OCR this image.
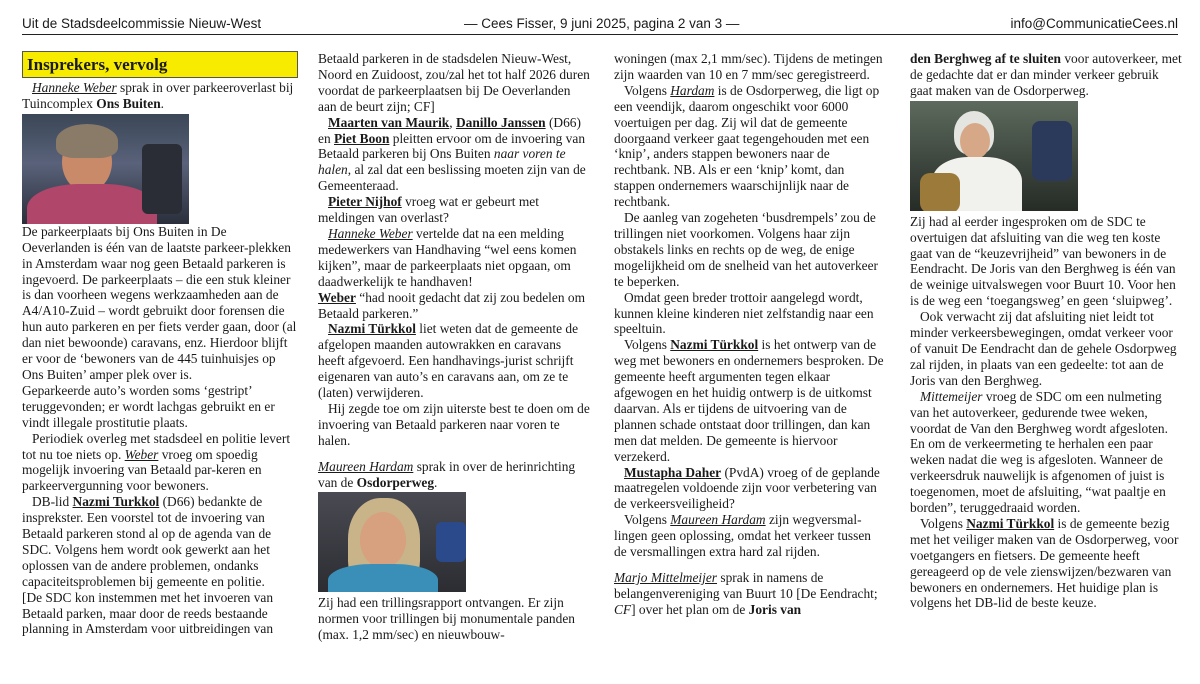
Uit de Stadsdeelcommissie Nieuw-West	— Cees Fisser, 9 juni 2025, pagina 2 van 3 —	info@CommunicatieCees.nl
Insprekers, vervolg

Hanneke Weber sprak in over parkeeroverlast bij Tuincomplex Ons Buiten.

De parkeerplaats bij Ons Buiten in De Oeverlanden is één van de laatste parkeer-plekken in Amsterdam waar nog geen Betaald parkeren is ingevoerd. De parkeerplaats – die een stuk kleiner is dan voorheen wegens werkzaamheden aan de A4/A10-Zuid – wordt gebruikt door forensen die hun auto parkeren en per fiets verder gaan, door (al dan niet bewoonde) caravans, enz. Hierdoor blijft er voor de ‘bewoners van de 445 tuinhuisjes op Ons Buiten’ amper plek over is.

Geparkeerde auto’s worden soms ‘gestript’ teruggevonden; er wordt lachgas gebruikt en er vindt illegale prostitutie plaats.

Periodiek overleg met stadsdeel en politie levert tot nu toe niets op. Weber vroeg om spoedig mogelijk invoering van Betaald par-keren en parkeervergunning voor bewoners.

DB-lid Nazmi Turkkol (D66) bedankte de insprekster. Een voorstel tot de invoering van Betaald parkeren stond al op de agenda van de SDC. Volgens hem wordt ook gewerkt aan het oplossen van de andere problemen, ondanks capaciteitsproblemen bij gemeente en politie.

[De SDC kon instemmen met het invoeren van Betaald parken, maar door de reeds bestaande planning in Amsterdam voor uitbreidingen van

Betaald parkeren in de stadsdelen Nieuw-West, Noord en Zuidoost, zou/zal het tot half 2026 duren voordat de parkeerplaatsen bij De Oeverlanden aan de beurt zijn; CF]

Maarten van Maurik, Danillo Janssen (D66) en Piet Boon pleitten ervoor om de invoering van Betaald parkeren bij Ons Buiten naar voren te halen, al zal dat een beslissing moeten zijn van de Gemeenteraad.

Pieter Nijhof vroeg wat er gebeurt met meldingen van overlast?

Hanneke Weber vertelde dat na een melding medewerkers van Handhaving “wel eens komen kijken”, maar de parkeerplaats niet opgaan, om daadwerkelijk te handhaven!

Weber “had nooit gedacht dat zij zou bedelen om Betaald parkeren.”

Nazmi Türkkol liet weten dat de gemeente de afgelopen maanden autowrakken en caravans heeft afgevoerd. Een handhavings-jurist schrijft eigenaren van auto’s en caravans aan, om ze te (laten) verwijderen.

Hij zegde toe om zijn uiterste best te doen om de invoering van Betaald parkeren naar voren te halen.

Maureen Hardam sprak in over de herinrichting van de Osdorperweg.

Zij had een trillingsrapport ontvangen. Er zijn normen voor trillingen bij monumentale panden (max. 1,2 mm/sec) en nieuwbouw-

woningen (max 2,1 mm/sec). Tijdens de metingen zijn waarden van 10 en 7 mm/sec geregistreerd.

Volgens Hardam is de Osdorperweg, die ligt op een veendijk, daarom ongeschikt voor 6000 voertuigen per dag. Zij wil dat de gemeente doorgaand verkeer gaat tegengehouden met een ‘knip’, anders stappen bewoners naar de rechtbank. NB. Als er een ‘knip’ komt, dan stappen ondernemers waarschijnlijk naar de rechtbank.

De aanleg van zogeheten ‘busdrempels’ zou de trillingen niet voorkomen. Volgens haar zijn obstakels links en rechts op de weg, de enige mogelijkheid om de snelheid van het autoverkeer te beperken.

Omdat geen breder trottoir aangelegd wordt, kunnen kleine kinderen niet zelfstandig naar een speeltuin.

Volgens Nazmi Türkkol is het ontwerp van de weg met bewoners en ondernemers besproken. De gemeente heeft argumenten tegen elkaar afgewogen en het huidig ontwerp is de uitkomst daarvan. Als er tijdens de uitvoering van de plannen schade ontstaat door trillingen, dan kan men dat melden. De gemeente is hiervoor verzekerd.

Mustapha Daher (PvdA) vroeg of de geplande maatregelen voldoende zijn voor verbetering van de verkeersveiligheid?

Volgens Maureen Hardam zijn wegversmal-lingen geen oplossing, omdat het verkeer tussen de versmallingen extra hard zal rijden.

Marjo Mittelmeijer sprak in namens de belangenvereniging van Buurt 10 [De Eendracht; CF] over het plan om de Joris van

den Berghweg af te sluiten voor autoverkeer, met de gedachte dat er dan minder verkeer gebruik gaat maken van de Osdorperweg.

Zij had al eerder ingesproken om de SDC te overtuigen dat afsluiting van die weg ten koste gaat van de “keuzevrijheid” van bewoners in de Eendracht. De Joris van den Berghweg is één van de weinige uitvalswegen voor Buurt 10. Voor hen is de weg een ‘toegangsweg’ en geen ‘sluipweg’.

Ook verwacht zij dat afsluiting niet leidt tot minder verkeersbewegingen, omdat verkeer voor of vanuit De Eendracht dan de gehele Osdorpweg zal rijden, in plaats van een gedeelte: tot aan de Joris van den Berghweg.

Mittemeijer vroeg de SDC om een nulmeting van het autoverkeer, gedurende twee weken, voordat de Van den Berghweg wordt afgesloten. En om de verkeermeting te herhalen een paar weken nadat die weg is afgesloten. Wanneer de verkeersdruk nauwelijk is afgenomen of juist is toegenomen, moet de afsluiting, “wat paaltje en borden”, teruggedraaid worden.

Volgens Nazmi Türkkol is de gemeente bezig met het veiliger maken van de Osdorperweg, voor voetgangers en fietsers. De gemeente heeft gereageerd op de vele zienswijzen/bezwaren van bewoners en ondernemers. Het huidige plan is volgens het DB-lid de beste keuze.
